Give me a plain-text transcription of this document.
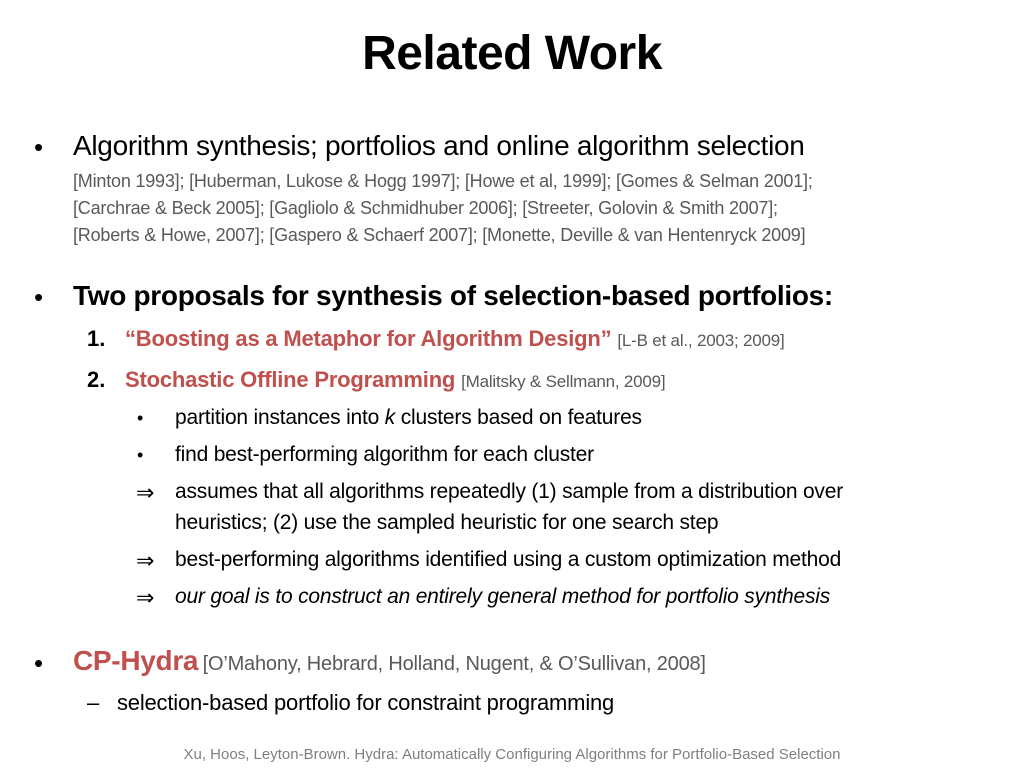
Related Work
• Algorithm synthesis; portfolios and online algorithm selection
[Minton 1993]; [Huberman, Lukose & Hogg 1997]; [Howe et al, 1999]; [Gomes & Selman 2001];
[Carchrae & Beck 2005]; [Gagliolo & Schmidhuber 2006]; [Streeter, Golovin & Smith 2007];
[Roberts & Howe, 2007]; [Gaspero & Schaerf 2007]; [Monette, Deville & van Hentenryck 2009]
• Two proposals for synthesis of selection-based portfolios:
1. “Boosting as a Metaphor for Algorithm Design” [L-B et al., 2003; 2009]
2. Stochastic Offline Programming [Malitsky & Sellmann, 2009]
• partition instances into k clusters based on features
• find best-performing algorithm for each cluster
⇒ assumes that all algorithms repeatedly (1) sample from a distribution over
heuristics; (2) use the sampled heuristic for one search step
⇒ best-performing algorithms identified using a custom optimization method
⇒ our goal is to construct an entirely general method for portfolio synthesis
• CP-Hydra [O’Mahony, Hebrard, Holland, Nugent, & O’Sullivan, 2008]
– selection-based portfolio for constraint programming
Xu, Hoos, Leyton-Brown. Hydra: Automatically Configuring Algorithms for Portfolio-Based Selection
